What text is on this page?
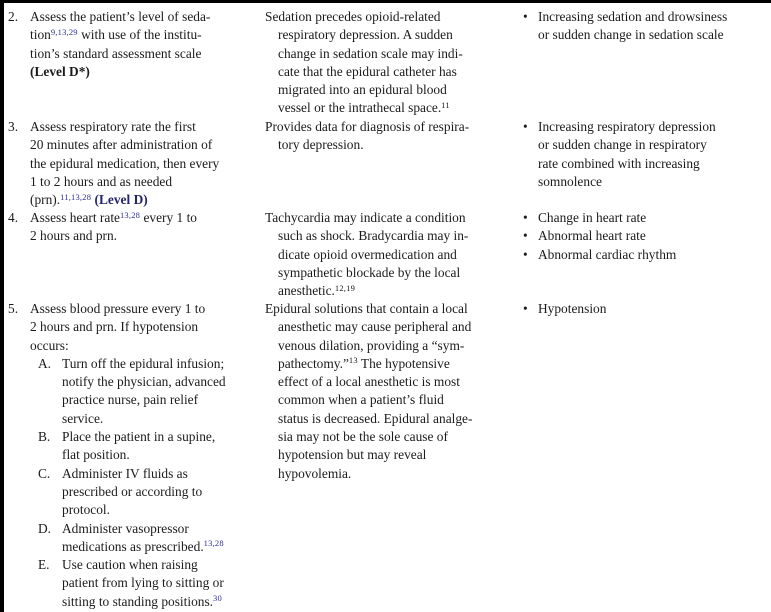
2. Assess the patient’s level of seda-
tion$^{9,13,29}$ with use of the institu-
tion’s standard assessment scale
(Level D*)
Sedation precedes opioid-related
respiratory depression. A sudden
change in sedation scale may indi-
cate that the epidural catheter has
migrated into an epidural blood
vessel or the intrathecal space.$^{11}$
• Increasing sedation and drowsiness
or sudden change in sedation scale
3. Assess respiratory rate the first
20 minutes after administration of
the epidural medication, then every
1 to 2 hours and as needed
(prn).$^{11,13,28}$ (Level D)
Provides data for diagnosis of respira-
tory depression.
• Increasing respiratory depression
or sudden change in respiratory
rate combined with increasing
somnolence
4. Assess heart rate$^{13,28}$ every 1 to
2 hours and prn.
Tachycardia may indicate a condition
such as shock. Bradycardia may in-
dicate opioid overmedication and
sympathetic blockade by the local
anesthetic.$^{12,19}$
• Change in heart rate
• Abnormal heart rate
• Abnormal cardiac rhythm
5. Assess blood pressure every 1 to
2 hours and prn. If hypotension
occurs:
A. Turn off the epidural infusion;
notify the physician, advanced
practice nurse, pain relief
service.
B. Place the patient in a supine,
flat position.
C. Administer IV fluids as
prescribed or according to
protocol.
D. Administer vasopressor
medications as prescribed.$^{13,28}$
E. Use caution when raising
patient from lying to sitting or
sitting to standing positions.$^{30}$
Epidural solutions that contain a local
anesthetic may cause peripheral and
venous dilation, providing a “sym-
pathectomy.”$^{13}$ The hypotensive
effect of a local anesthetic is most
common when a patient’s fluid
status is decreased. Epidural analge-
sia may not be the sole cause of
hypotension but may reveal
hypovolemia.
• Hypotension
